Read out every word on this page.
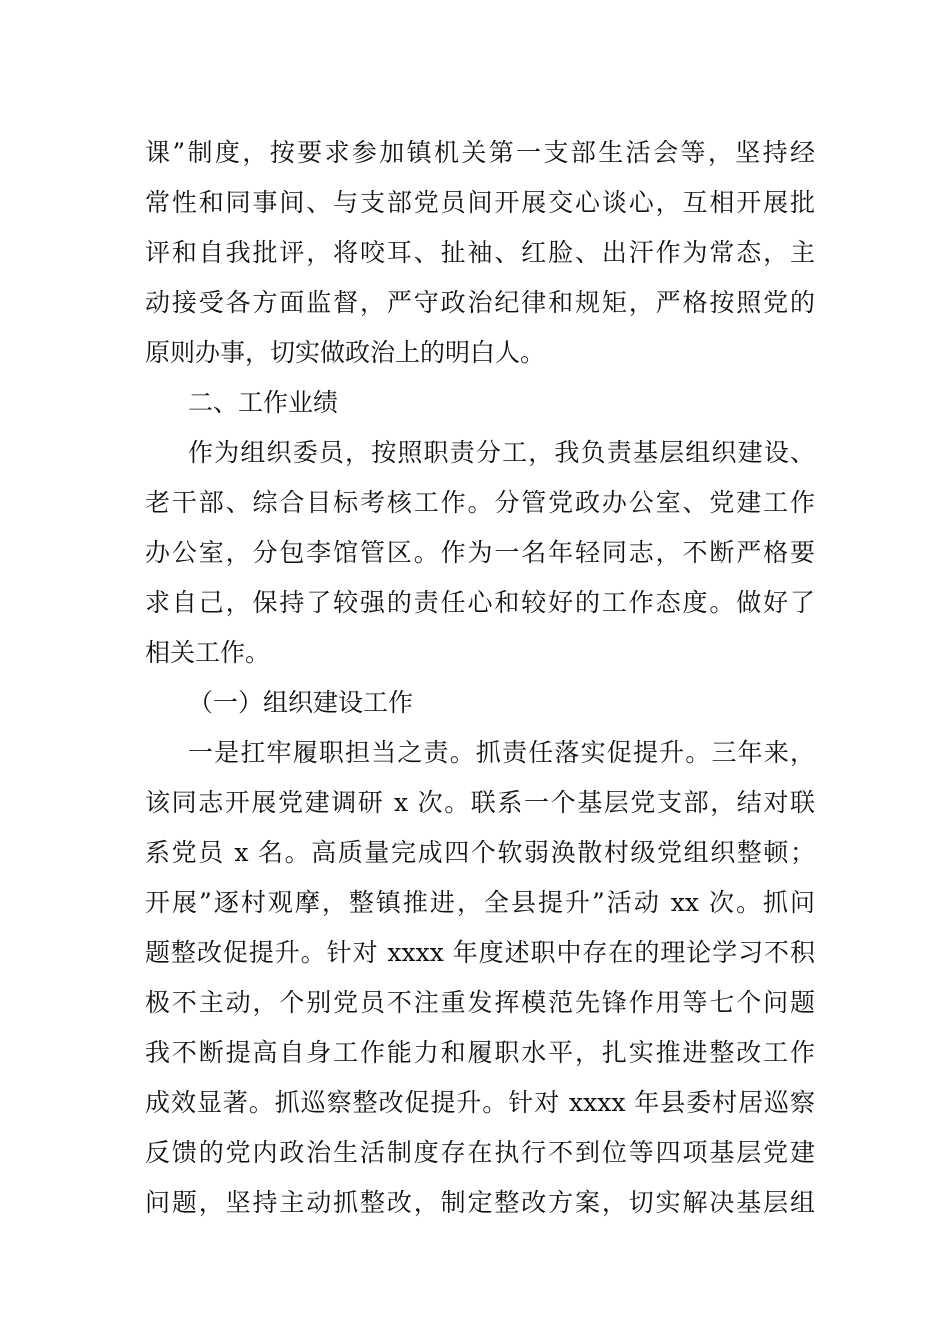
课”制度，按要求参加镇机关第一支部生活会等，坚持经
常性和同事间、与支部党员间开展交心谈心，互相开展批
评和自我批评，将咬耳、扯袖、红脸、出汗作为常态，主
动接受各方面监督，严守政治纪律和规矩，严格按照党的
原则办事，切实做政治上的明白人。
二、工作业绩
作为组织委员，按照职责分工，我负责基层组织建设、
老干部、综合目标考核工作。分管党政办公室、党建工作
办公室，分包李馆管区。作为一名年轻同志，不断严格要
求自己，保持了较强的责任心和较好的工作态度。做好了
相关工作。
（一）组织建设工作
一是扛牢履职担当之责。抓责任落实促提升。三年来，
该同志开展党建调研 x 次。联系一个基层党支部，结对联
系党员 x 名。高质量完成四个软弱涣散村级党组织整顿；
开展”逐村观摩，整镇推进，全县提升”活动 xx 次。抓问
题整改促提升。针对 xxxx 年度述职中存在的理论学习不积
极不主动，个别党员不注重发挥模范先锋作用等七个问题
我不断提高自身工作能力和履职水平，扎实推进整改工作
成效显著。抓巡察整改促提升。针对 xxxx 年县委村居巡察
反馈的党内政治生活制度存在执行不到位等四项基层党建
问题，坚持主动抓整改，制定整改方案，切实解决基层组
